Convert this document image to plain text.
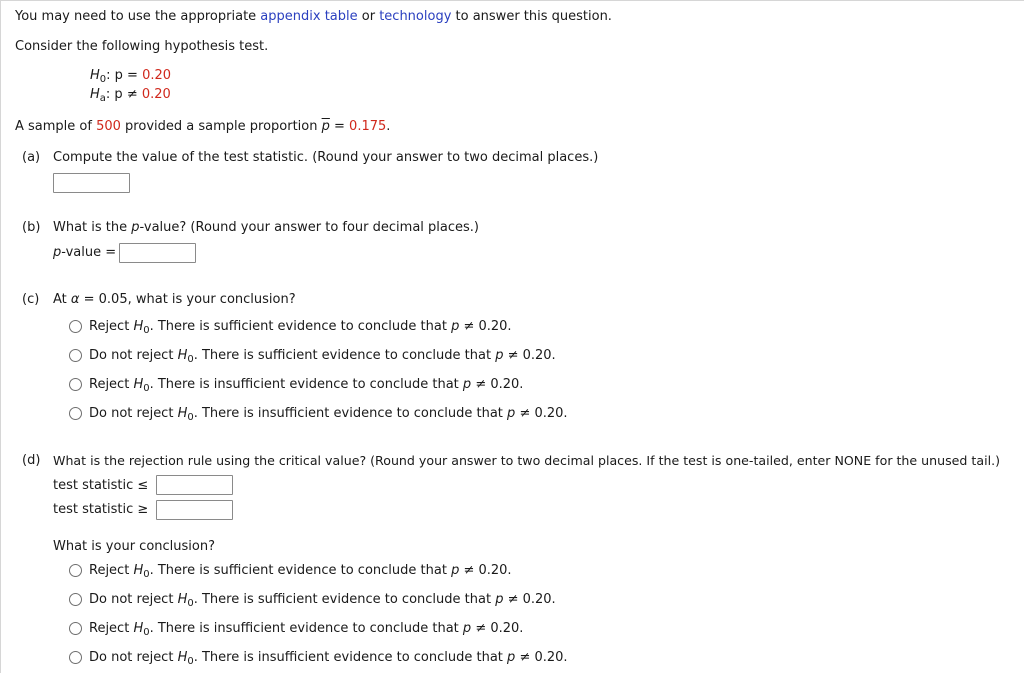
You may need to use the appropriate appendix table or technology to answer this question.
Consider the following hypothesis test.
$H_0$: p = 0.20
$H_a$: p ≠ 0.20
A sample of 500 provided a sample proportion $\overline{p} = 0.175$.
(a) Compute the value of the test statistic. (Round your answer to two decimal places.)
(b) What is the p-value? (Round your answer to four decimal places.)
p-value =
(c) At α = 0.05, what is your conclusion?
Reject $H_0$. There is sufficient evidence to conclude that p ≠ 0.20.
Do not reject $H_0$. There is sufficient evidence to conclude that p ≠ 0.20.
Reject $H_0$. There is insufficient evidence to conclude that p ≠ 0.20.
Do not reject $H_0$. There is insufficient evidence to conclude that p ≠ 0.20.
(d) What is the rejection rule using the critical value? (Round your answer to two decimal places. If the test is one-tailed, enter NONE for the unused tail.)
test statistic ≤
test statistic ≥
What is your conclusion?
Reject $H_0$. There is sufficient evidence to conclude that p ≠ 0.20.
Do not reject $H_0$. There is sufficient evidence to conclude that p ≠ 0.20.
Reject $H_0$. There is insufficient evidence to conclude that p ≠ 0.20.
Do not reject $H_0$. There is insufficient evidence to conclude that p ≠ 0.20.
